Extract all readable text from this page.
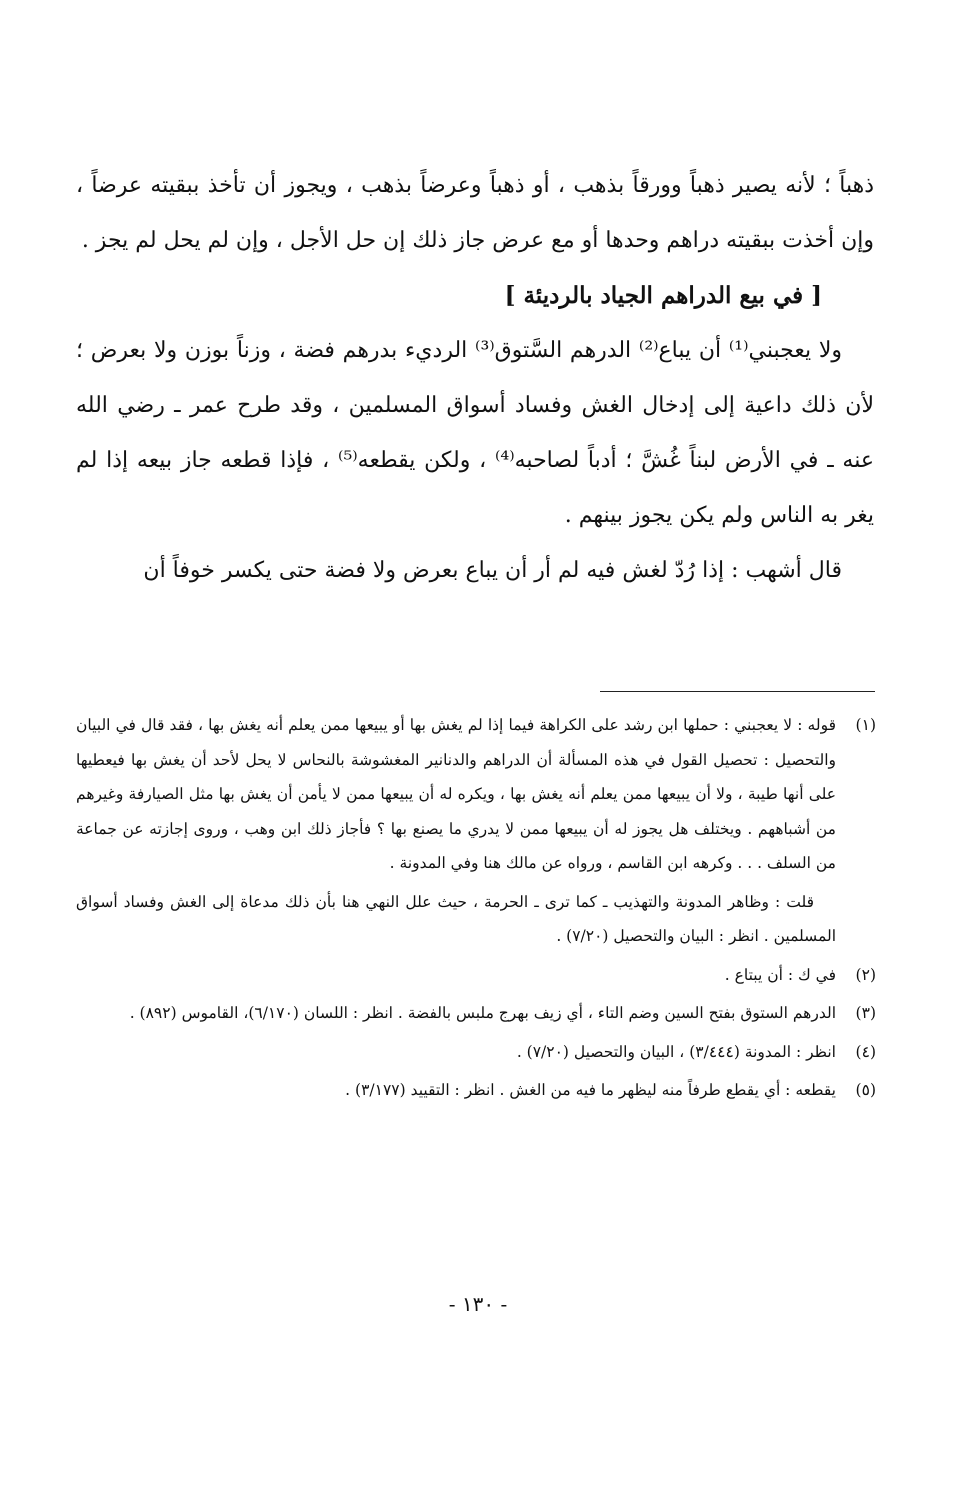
ذهباً ؛ لأنه يصير ذهباً وورقاً بذهب ، أو ذهباً وعرضاً بذهب ، ويجوز أن تأخذ ببقيته عرضاً ، وإن أخذت ببقيته دراهم وحدها أو مع عرض جاز ذلك إن حل الأجل ، وإن لم يحل لم يجز .

[ في بيع الدراهم الجياد بالرديئة ]

ولا يعجبني⁽¹⁾ أن يباع⁽²⁾ الدرهم السَّتوق⁽³⁾ الرديء بدرهم فضة ، وزناً بوزن ولا بعرض ؛ لأن ذلك داعية إلى إدخال الغش وفساد أسواق المسلمين ، وقد طرح عمر ـ رضي الله عنه ـ في الأرض لبناً غُشَّ ؛ أدباً لصاحبه⁽⁴⁾ ، ولكن يقطعه⁽⁵⁾ ، فإذا قطعه جاز بيعه إذا لم يغر به الناس ولم يكن يجوز بينهم .

قال أشهب : إذا رُدّ لغش فيه لم أر أن يباع بعرض ولا فضة حتى يكسر خوفاً أن

(١)

قوله : لا يعجبني : حملها ابن رشد على الكراهة فيما إذا لم يغش بها أو يبيعها ممن يعلم أنه يغش بها ، فقد قال في البيان والتحصيل : تحصيل القول في هذه المسألة أن الدراهم والدنانير المغشوشة بالنحاس لا يحل لأحد أن يغش بها فيعطيها على أنها طيبة ، ولا أن يبيعها ممن يعلم أنه يغش بها ، ويكره له أن يبيعها ممن لا يأمن أن يغش بها مثل الصيارفة وغيرهم من أشباههم . ويختلف هل يجوز له أن يبيعها ممن لا يدري ما يصنع بها ؟ فأجاز ذلك ابن وهب ، وروى إجازته عن جماعة من السلف . . . وكرهه ابن القاسم ، ورواه عن مالك هنا وفي المدونة .

قلت : وظاهر المدونة والتهذيب ـ كما ترى ـ الحرمة ، حيث علل النهي هنا بأن ذلك مدعاة إلى الغش وفساد أسواق المسلمين . انظر : البيان والتحصيل (٧/٢٠) .

(٢)

في ك : أن يبتاع .

(٣)

الدرهم الستوق بفتح السين وضم التاء ، أي زيف بهرج ملبس بالفضة . انظر : اللسان (٦/١٧٠)، القاموس (٨٩٢) .

(٤)

انظر : المدونة (٣/٤٤٤) ، البيان والتحصيل (٧/٢٠) .

(٥)

يقطعه : أي يقطع طرفاً منه ليظهر ما فيه من الغش . انظر : التقييد (٣/١٧٧) .

- ١٣٠ -
